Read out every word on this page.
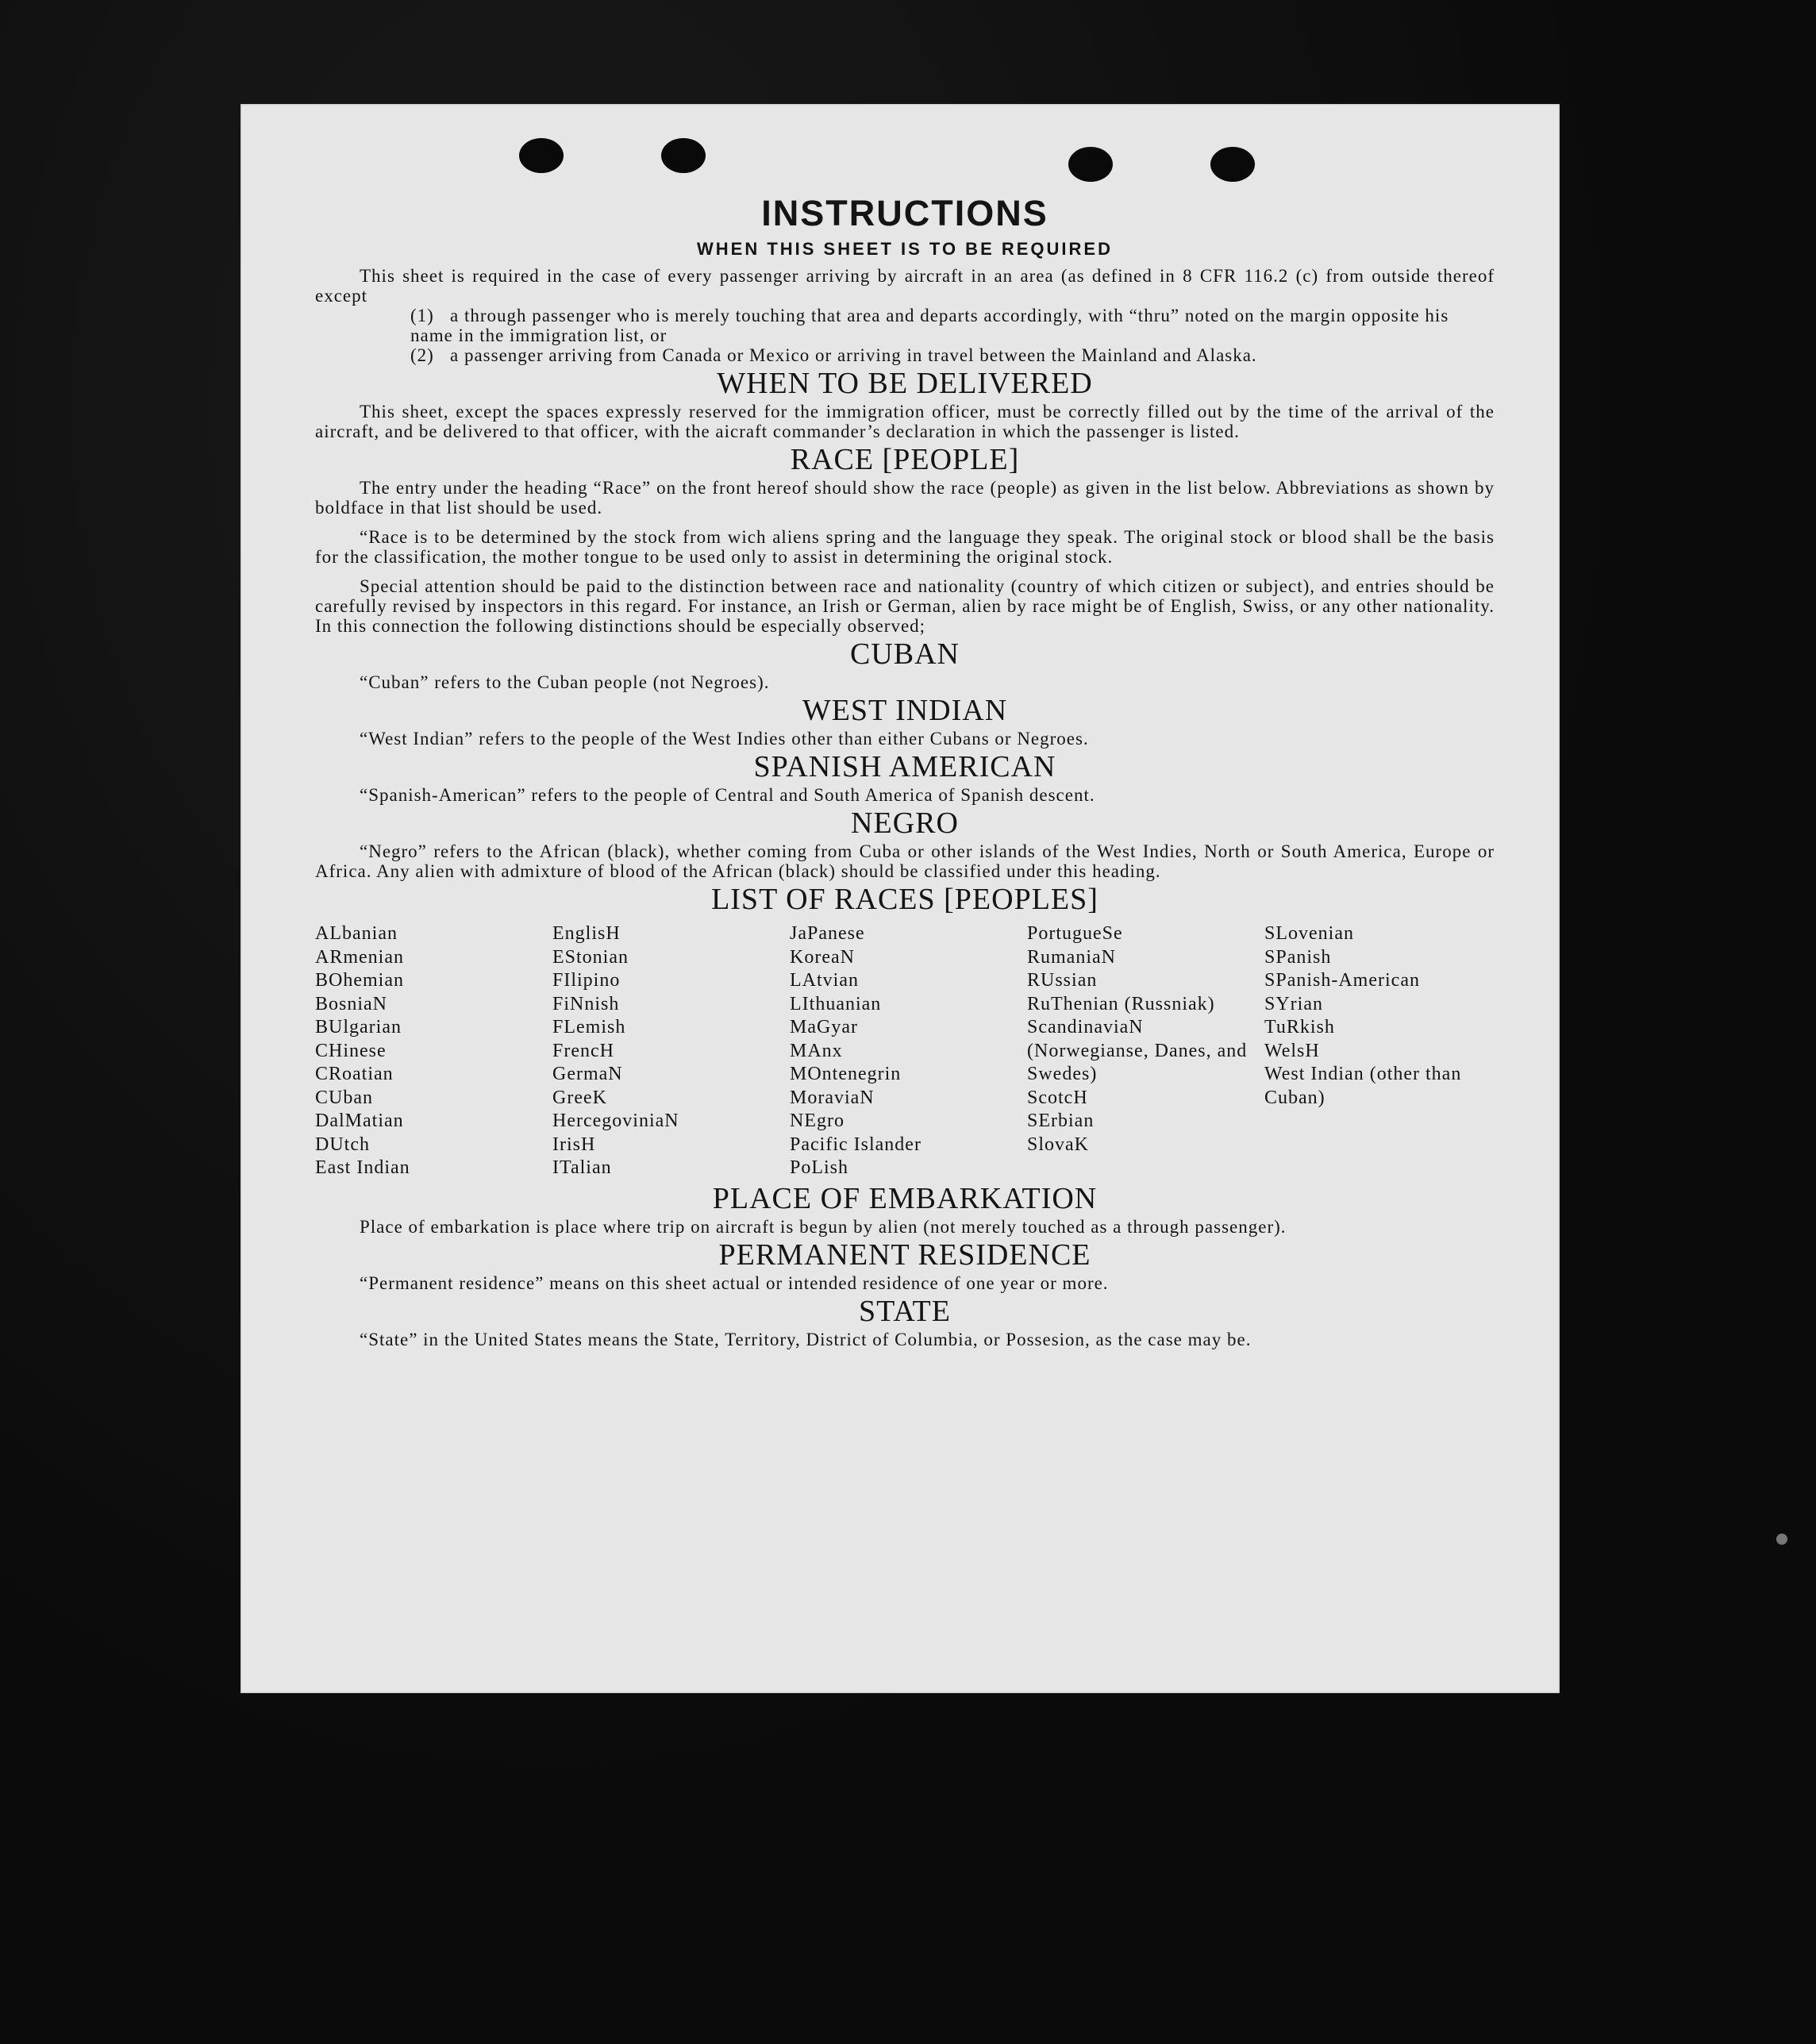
INSTRUCTIONS
WHEN THIS SHEET IS TO BE REQUIRED

This sheet is required in the case of every passenger arriving by aircraft in an area (as defined in 8 CFR 116.2 (c) from outside thereof except

(1) a through passenger who is merely touching that area and departs accordingly, with “thru” noted on the margin opposite his name in the immigration list, or
(2) a passenger arriving from Canada or Mexico or arriving in travel between the Mainland and Alaska.
WHEN TO BE DELIVERED

This sheet, except the spaces expressly reserved for the immigration officer, must be correctly filled out by the time of the arrival of the aircraft, and be delivered to that officer, with the aicraft commander’s declaration in which the passenger is listed.

RACE [PEOPLE]

The entry under the heading “Race” on the front hereof should show the race (people) as given in the list below. Abbreviations as shown by boldface in that list should be used.

“Race is to be determined by the stock from wich aliens spring and the language they speak. The original stock or blood shall be the basis for the classification, the mother tongue to be used only to assist in determining the original stock.

Special attention should be paid to the distinction between race and nationality (country of which citizen or subject), and entries should be carefully revised by inspectors in this regard. For instance, an Irish or German, alien by race might be of English, Swiss, or any other nationality. In this connection the following distinctions should be especially observed;

CUBAN

“Cuban” refers to the Cuban people (not Negroes).

WEST INDIAN

“West Indian” refers to the people of the West Indies other than either Cubans or Negroes.

SPANISH AMERICAN

“Spanish-American” refers to the people of Central and South America of Spanish descent.

NEGRO

“Negro” refers to the African (black), whether coming from Cuba or other islands of the West Indies, North or South America, Europe or Africa. Any alien with admixture of blood of the African (black) should be classified under this heading.

LIST OF RACES [PEOPLES]
ALbanian
ARmenian
BOhemian
BosniaN
BUlgarian
CHinese
CRoatian
CUban
DalMatian
DUtch
East Indian
EnglisH
EStonian
FIlipino
FiNnish
FLemish
FrencH
GermaN
GreeK
HercegoviniaN
IrisH
ITalian
JaPanese
KoreaN
LAtvian
LIthuanian
MaGyar
MAnx
MOntenegrin
MoraviaN
NEgro
Pacific Islander
PoLish
PortugueSe
RumaniaN
RUssian
RuThenian (Russniak)
ScandinaviaN (Norwegianse, Danes, and Swedes)
ScotcH
SErbian
SlovaK
SLovenian
SPanish
SPanish-American
SYrian
TuRkish
WelsH
West Indian (other than Cuban)
PLACE OF EMBARKATION

Place of embarkation is place where trip on aircraft is begun by alien (not merely touched as a through passenger).

PERMANENT RESIDENCE

“Permanent residence” means on this sheet actual or intended residence of one year or more.

STATE

“State” in the United States means the State, Territory, District of Columbia, or Possesion, as the case may be.
